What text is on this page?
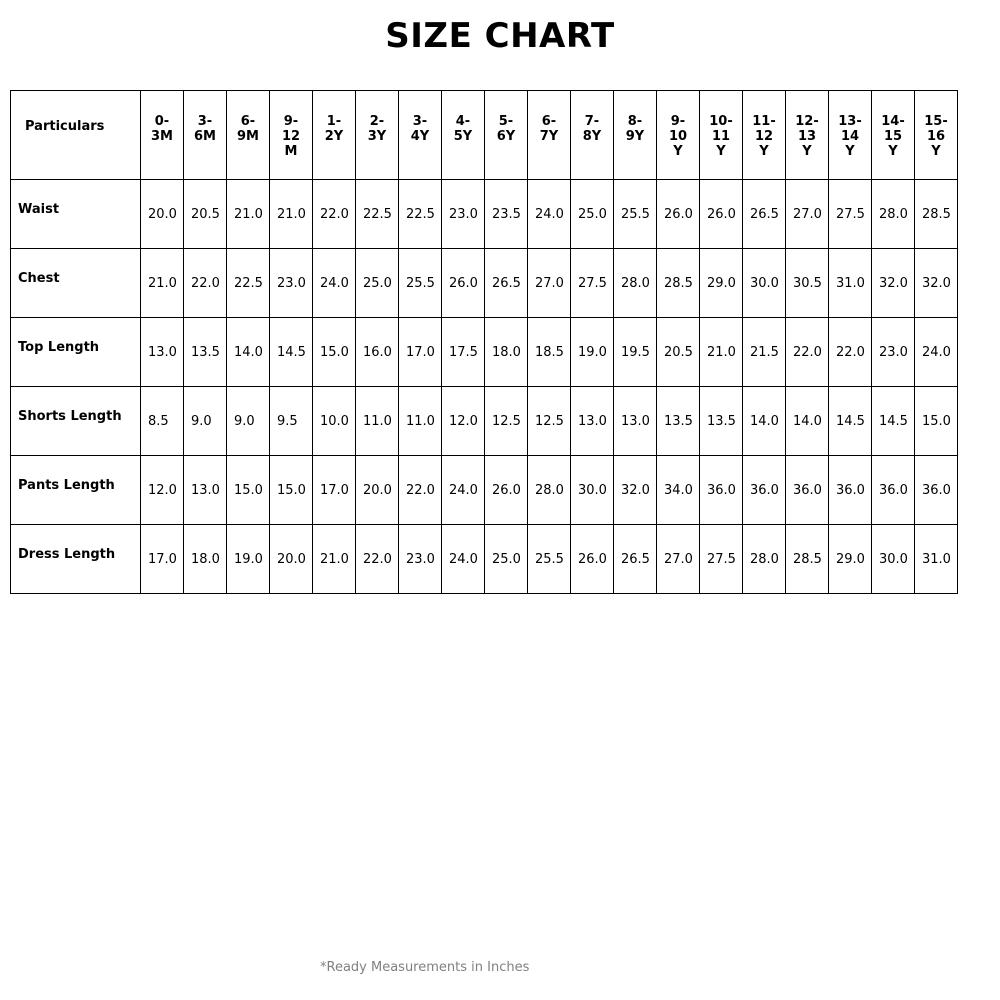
SIZE CHART
Particulars	0-3M	3-6M	6-9M	9-12M	1-2Y	2-3Y	3-4Y	4-5Y	5-6Y	6-7Y	7-8Y	8-9Y	9-10Y	10-11Y	11-12Y	12-13Y	13-14Y	14-15Y	15-16Y
Waist	20.0	20.5	21.0	21.0	22.0	22.5	22.5	23.0	23.5	24.0	25.0	25.5	26.0	26.0	26.5	27.0	27.5	28.0	28.5
Chest	21.0	22.0	22.5	23.0	24.0	25.0	25.5	26.0	26.5	27.0	27.5	28.0	28.5	29.0	30.0	30.5	31.0	32.0	32.0
Top Length	13.0	13.5	14.0	14.5	15.0	16.0	17.0	17.5	18.0	18.5	19.0	19.5	20.5	21.0	21.5	22.0	22.0	23.0	24.0
Shorts Length	8.5	9.0	9.0	9.5	10.0	11.0	11.0	12.0	12.5	12.5	13.0	13.0	13.5	13.5	14.0	14.0	14.5	14.5	15.0
Pants Length	12.0	13.0	15.0	15.0	17.0	20.0	22.0	24.0	26.0	28.0	30.0	32.0	34.0	36.0	36.0	36.0	36.0	36.0	36.0
Dress Length	17.0	18.0	19.0	20.0	21.0	22.0	23.0	24.0	25.0	25.5	26.0	26.5	27.0	27.5	28.0	28.5	29.0	30.0	31.0

*Ready Measurements in Inches
